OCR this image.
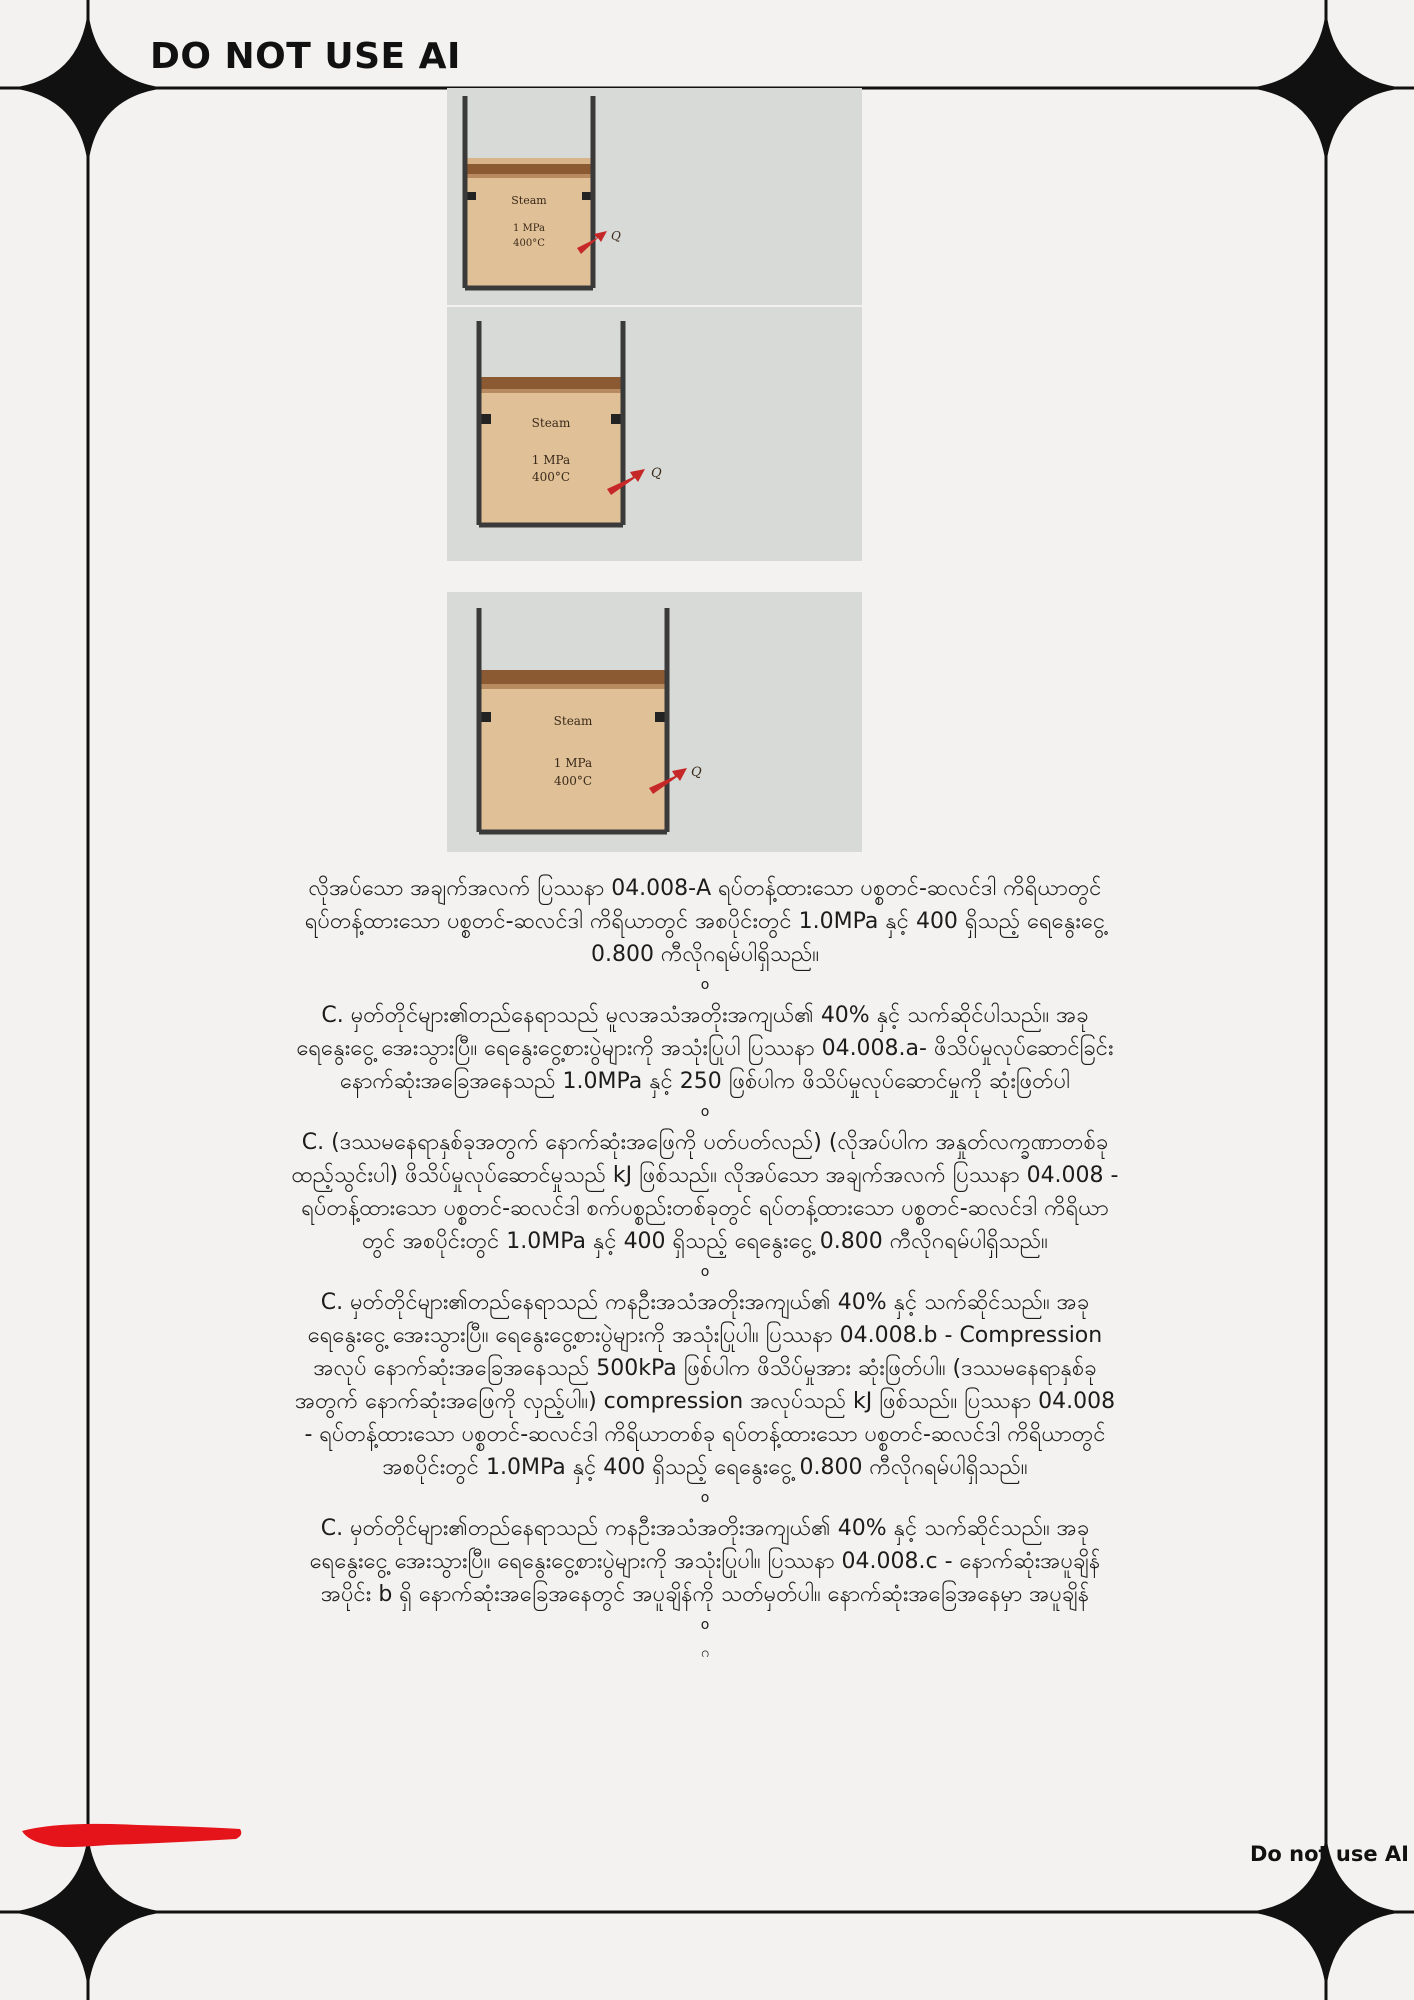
DO NOT USE AI
Steam
1 MPa
400°C
Q
Steam
1 MPa
400°C	Q
Steam
1 MPa
400°C
Q

လိုအပ်သော အချက်အလက် ပြဿနာ 04.008-A ရပ်တန့်ထားသော ပစ္စတင်-ဆလင်ဒါ ကိရိယာတွင် ရပ်တန့်ထားသော ပစ္စတင်-ဆလင်ဒါ ကိရိယာတွင် အစပိုင်းတွင် 1.0MPa နှင့် 400 ရှိသည့် ရေနွေးငွေ့ 0.800 ကီလိုဂရမ်ပါရှိသည်။

o

C. မှတ်တိုင်များ၏တည်နေရာသည် မူလအသံအတိုးအကျယ်၏ 40% နှင့် သက်ဆိုင်ပါသည်။ အခု ရေနွေးငွေ့ အေးသွားပြီ။ ရေနွေးငွေ့စားပွဲများကို အသုံးပြုပါ ပြဿနာ 04.008.a- ဖိသိပ်မှုလုပ်ဆောင်ခြင်း နောက်ဆုံးအခြေအနေသည် 1.0MPa နှင့် 250 ဖြစ်ပါက ဖိသိပ်မှုလုပ်ဆောင်မှုကို ဆုံးဖြတ်ပါ

o

C. (ဒဿမနေရာနှစ်ခုအတွက် နောက်ဆုံးအဖြေကို ပတ်ပတ်လည်) (လိုအပ်ပါက အနှုတ်လက္ခဏာတစ်ခု ထည့်သွင်းပါ) ဖိသိပ်မှုလုပ်ဆောင်မှုသည် kJ ဖြစ်သည်။ လိုအပ်သော အချက်အလက် ပြဿနာ 04.008 - ရပ်တန့်ထားသော ပစ္စတင်-ဆလင်ဒါ စက်ပစ္စည်းတစ်ခုတွင် ရပ်တန့်ထားသော ပစ္စတင်-ဆလင်ဒါ ကိရိယာတွင် အစပိုင်းတွင် 1.0MPa နှင့် 400 ရှိသည့် ရေနွေးငွေ့ 0.800 ကီလိုဂရမ်ပါရှိသည်။

o

C. မှတ်တိုင်များ၏တည်နေရာသည် ကနဦးအသံအတိုးအကျယ်၏ 40% နှင့် သက်ဆိုင်သည်။ အခု ရေနွေးငွေ့ အေးသွားပြီ။ ရေနွေးငွေ့စားပွဲများကို အသုံးပြုပါ။ ပြဿနာ 04.008.b - Compression အလုပ် နောက်ဆုံးအခြေအနေသည် 500kPa ဖြစ်ပါက ဖိသိပ်မှုအား ဆုံးဖြတ်ပါ။ (ဒဿမနေရာနှစ်ခုအတွက် နောက်ဆုံးအဖြေကို လှည့်ပါ။) compression အလုပ်သည် kJ ဖြစ်သည်။ ပြဿနာ 04.008 - ရပ်တန့်ထားသော ပစ္စတင်-ဆလင်ဒါ ကိရိယာတစ်ခု ရပ်တန့်ထားသော ပစ္စတင်-ဆလင်ဒါ ကိရိယာတွင် အစပိုင်းတွင် 1.0MPa နှင့် 400 ရှိသည့် ရေနွေးငွေ့ 0.800 ကီလိုဂရမ်ပါရှိသည်။

o

C. မှတ်တိုင်များ၏တည်နေရာသည် ကနဦးအသံအတိုးအကျယ်၏ 40% နှင့် သက်ဆိုင်သည်။ အခု ရေနွေးငွေ့ အေးသွားပြီ။ ရေနွေးငွေ့စားပွဲများကို အသုံးပြုပါ။ ပြဿနာ 04.008.c - နောက်ဆုံးအပူချိန် အပိုင်း b ရှိ နောက်ဆုံးအခြေအနေတွင် အပူချိန်ကို သတ်မှတ်ပါ။ နောက်ဆုံးအခြေအနေမှာ အပူချိန်

o

ဂ

Do not use AI
